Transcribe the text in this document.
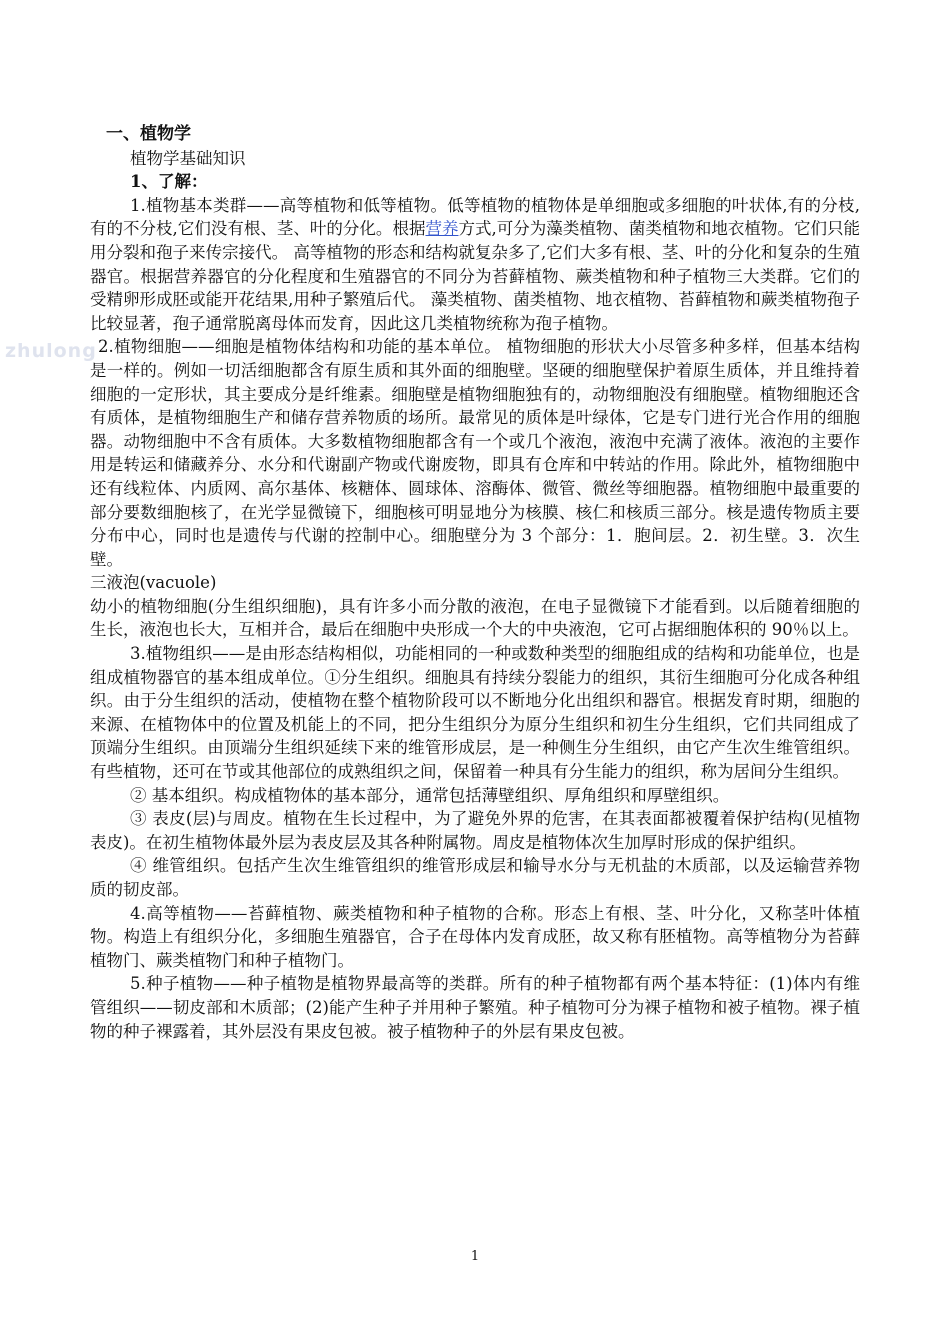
zhulong

一、植物学

植物学基础知识

1、了解：

1.植物基本类群——高等植物和低等植物。低等植物的植物体是单细胞或多细胞的叶状体,有的分枝,有的不分枝,它们没有根、茎、叶的分化。根据营养方式,可分为藻类植物、菌类植物和地衣植物。它们只能用分裂和孢子来传宗接代。 高等植物的形态和结构就复杂多了,它们大多有根、茎、叶的分化和复杂的生殖器官。根据营养器官的分化程度和生殖器官的不同分为苔藓植物、蕨类植物和种子植物三大类群。它们的受精卵形成胚或能开花结果,用种子繁殖后代。 藻类植物、菌类植物、地衣植物、苔藓植物和蕨类植物孢子比较显著，孢子通常脱离母体而发育，因此这几类植物统称为孢子植物。

2.植物细胞——细胞是植物体结构和功能的基本单位。 植物细胞的形状大小尽管多种多样，但基本结构是一样的。例如一切活细胞都含有原生质和其外面的细胞壁。坚硬的细胞壁保护着原生质体，并且维持着细胞的一定形状，其主要成分是纤维素。细胞壁是植物细胞独有的，动物细胞没有细胞壁。植物细胞还含有质体，是植物细胞生产和储存营养物质的场所。最常见的质体是叶绿体，它是专门进行光合作用的细胞器。动物细胞中不含有质体。大多数植物细胞都含有一个或几个液泡，液泡中充满了液体。液泡的主要作用是转运和储藏养分、水分和代谢副产物或代谢废物，即具有仓库和中转站的作用。除此外，植物细胞中还有线粒体、内质网、高尔基体、核糖体、圆球体、溶酶体、微管、微丝等细胞器。植物细胞中最重要的部分要数细胞核了，在光学显微镜下，细胞核可明显地分为核膜、核仁和核质三部分。核是遗传物质主要分布中心，同时也是遗传与代谢的控制中心。细胞壁分为 3 个部分：1．胞间层。2．初生壁。3．次生壁。

三液泡(vacuole)

幼小的植物细胞(分生组织细胞)，具有许多小而分散的液泡，在电子显微镜下才能看到。以后随着细胞的生长，液泡也长大，互相并合，最后在细胞中央形成一个大的中央液泡，它可占据细胞体积的 90％以上。

3.植物组织——是由形态结构相似，功能相同的一种或数种类型的细胞组成的结构和功能单位，也是组成植物器官的基本组成单位。①分生组织。细胞具有持续分裂能力的组织，其衍生细胞可分化成各种组织。由于分生组织的活动，使植物在整个植物阶段可以不断地分化出组织和器官。根据发育时期，细胞的来源、在植物体中的位置及机能上的不同，把分生组织分为原分生组织和初生分生组织，它们共同组成了顶端分生组织。由顶端分生组织延续下来的维管形成层，是一种侧生分生组织，由它产生次生维管组织。有些植物，还可在节或其他部位的成熟组织之间，保留着一种具有分生能力的组织，称为居间分生组织。

② 基本组织。构成植物体的基本部分，通常包括薄壁组织、厚角组织和厚壁组织。

③ 表皮(层)与周皮。植物在生长过程中，为了避免外界的危害，在其表面都被覆着保护结构(见植物表皮)。在初生植物体最外层为表皮层及其各种附属物。周皮是植物体次生加厚时形成的保护组织。

④ 维管组织。包括产生次生维管组织的维管形成层和输导水分与无机盐的木质部，以及运输营养物质的韧皮部。

4.高等植物——苔藓植物、蕨类植物和种子植物的合称。形态上有根、茎、叶分化，又称茎叶体植物。构造上有组织分化，多细胞生殖器官，合子在母体内发育成胚，故又称有胚植物。高等植物分为苔藓植物门、蕨类植物门和种子植物门。

5.种子植物——种子植物是植物界最高等的类群。所有的种子植物都有两个基本特征：(1)体内有维管组织——韧皮部和木质部；(2)能产生种子并用种子繁殖。种子植物可分为裸子植物和被子植物。裸子植物的种子裸露着，其外层没有果皮包被。被子植物种子的外层有果皮包被。

1
